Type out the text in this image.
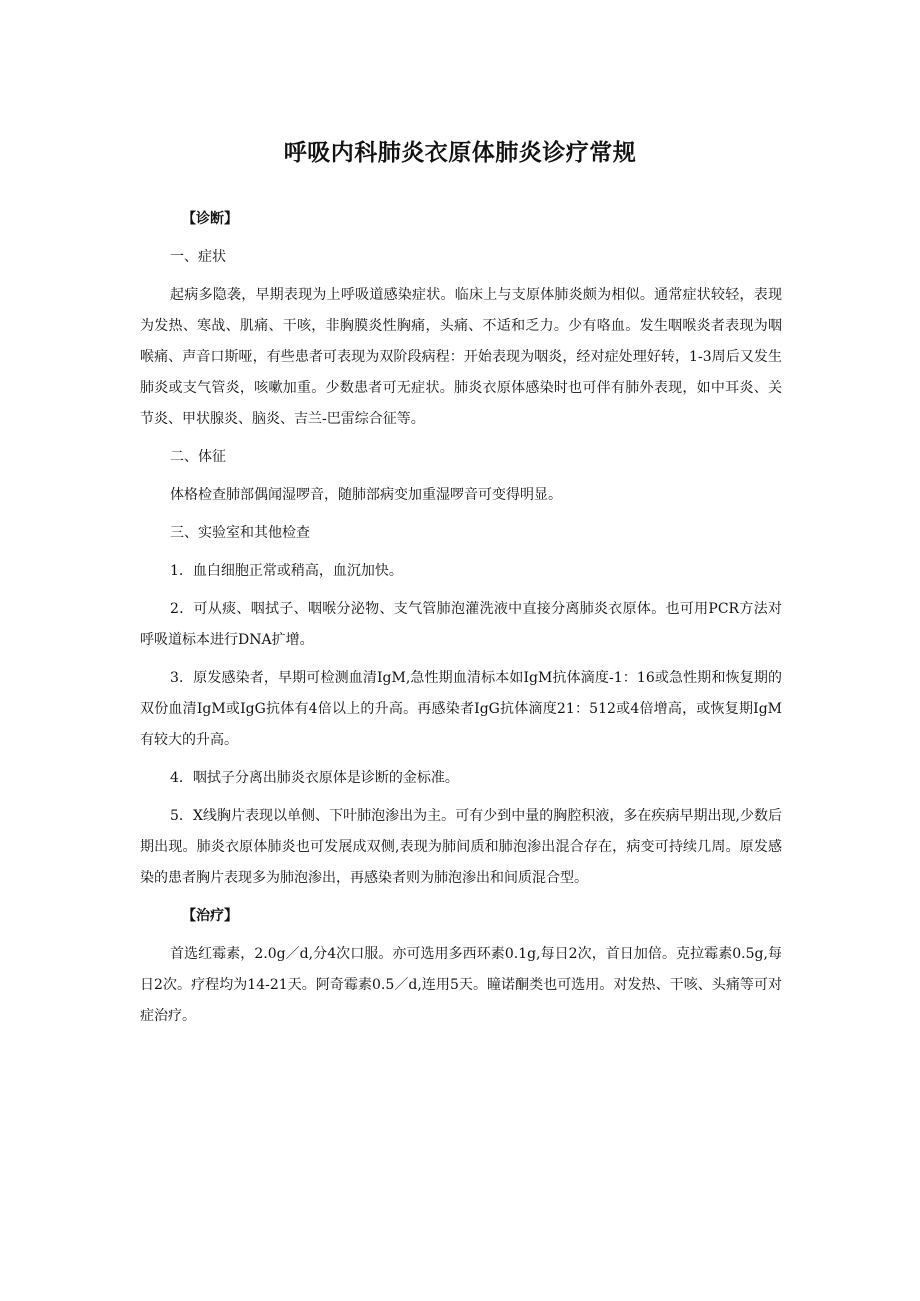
呼吸内科肺炎衣原体肺炎诊疗常规
【诊断】
一、症状

起病多隐袭，早期表现为上呼吸道感染症状。临床上与支原体肺炎颇为相似。通常症状较轻，表现为发热、寒战、肌痛、干咳，非胸膜炎性胸痛，头痛、不适和乏力。少有咯血。发生咽喉炎者表现为咽喉痛、声音口斯哑，有些患者可表现为双阶段病程：开始表现为咽炎，经对症处理好转，1-3周后又发生肺炎或支气管炎，咳嗽加重。少数患者可无症状。肺炎衣原体感染时也可伴有肺外表现，如中耳炎、关节炎、甲状腺炎、脑炎、吉兰-巴雷综合征等。

二、体征

体格检查肺部偶闻湿啰音，随肺部病变加重湿啰音可变得明显。

三、实验室和其他检查

1．血白细胞正常或稍高，血沉加快。

2．可从痰、咽拭子、咽喉分泌物、支气管肺泡灌洗液中直接分离肺炎衣原体。也可用PCR方法对呼吸道标本进行DNA扩增。

3．原发感染者，早期可检测血清IgM,急性期血清标本如IgM抗体滴度-1：16或急性期和恢复期的双份血清IgM或IgG抗体有4倍以上的升高。再感染者IgG抗体滴度21：512或4倍增高，或恢复期IgM有较大的升高。

4．咽拭子分离出肺炎衣原体是诊断的金标准。

5．X线胸片表现以单侧、下叶肺泡渗出为主。可有少到中量的胸腔积液，多在疾病早期出现,少数后期出现。肺炎衣原体肺炎也可发展成双侧,表现为肺间质和肺泡渗出混合存在，病变可持续几周。原发感染的患者胸片表现多为肺泡渗出，再感染者则为肺泡渗出和间质混合型。

【治疗】

首选红霉素，2.0g／d,分4次口服。亦可选用多西环素0.1g,每日2次，首日加倍。克拉霉素0.5g,每日2次。疗程均为14-21天。阿奇霉素0.5／d,连用5天。瞳诺酮类也可选用。对发热、干咳、头痛等可对症治疗。
